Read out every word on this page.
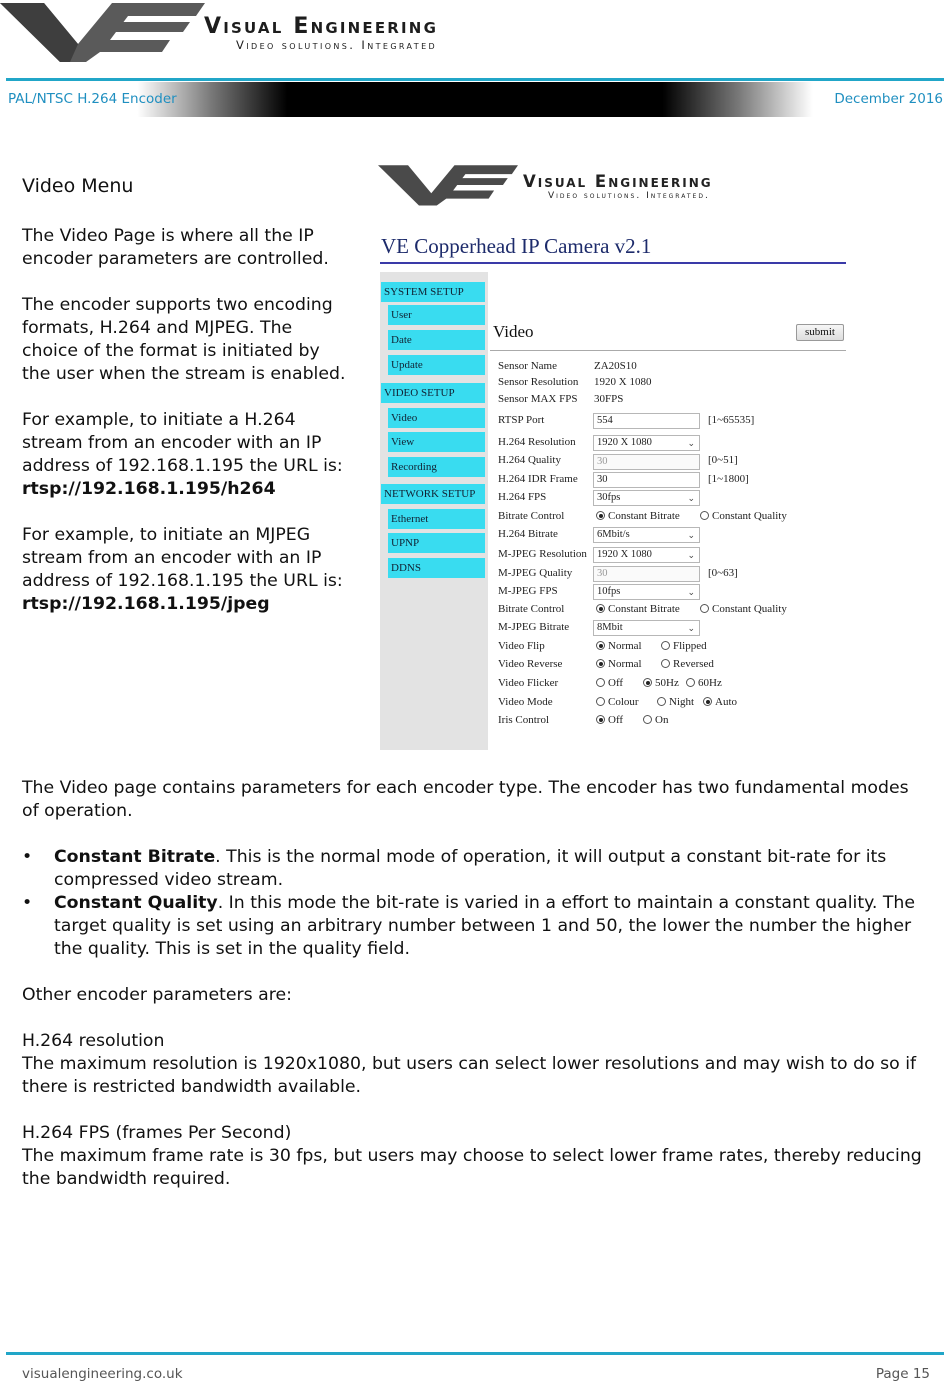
Visual Engineering
Video solutions. Integrated
PAL/NTSC H.264 Encoder	December 2016
Video Menu

The Video Page is where all the IP encoder parameters are controlled.

The encoder supports two encoding formats, H.264 and MJPEG. The choice of the format is initiated by the user when the stream is enabled.

For example, to initiate a H.264 stream from an encoder with an IP address of 192.168.1.195 the URL is:
rtsp://192.168.1.195/h264

For example, to initiate an MJPEG stream from an encoder with an IP address of 192.168.1.195 the URL is:
rtsp://192.168.1.195/jpeg

Visual Engineering
Video solutions. Integrated.
VE Copperhead IP Camera v2.1
SYSTEM SETUP
User
Date
Update
VIDEO SETUP
Video
View
Recording
NETWORK SETUP
Ethernet
UPNP
DDNS
Video	submit
Sensor Name	ZA20S10
Sensor Resolution 1920 X 1080
Sensor MAX FPS 30FPS
RTSP Port	554	[1~65535]
H.264 Resolution	1920 X 1080	⌄
H.264 Quality	30	[0~51]
H.264 IDR Frame	30	[1~1800]
H.264 FPS	30fps	⌄
Bitrate Control	Constant Bitrate	Constant Quality
H.264 Bitrate	6Mbit/s	⌄
M-JPEG Resolution 1920 X 1080	⌄
M-JPEG Quality	30	[0~63]
M-JPEG FPS	10fps	⌄
Bitrate Control	Constant Bitrate	Constant Quality
M-JPEG Bitrate	8Mbit	⌄
Video Flip	Normal	Flipped
Video Reverse	Normal	Reversed
Video Flicker	Off	50Hz	60Hz
Video Mode	Colour	Night	Auto
Iris Control	Off	On

The Video page contains parameters for each encoder type. The encoder has two fundamental modes of operation.

• Constant Bitrate. This is the normal mode of operation, it will output a constant bit-rate for its compressed video stream.
• Constant Quality. In this mode the bit-rate is varied in a effort to maintain a constant quality. The target quality is set using an arbitrary number between 1 and 50, the lower the number the higher the quality. This is set in the quality field.

Other encoder parameters are:

H.264 resolution
The maximum resolution is 1920x1080, but users can select lower resolutions and may wish to do so if there is restricted bandwidth available.

H.264 FPS (frames Per Second)
The maximum frame rate is 30 fps, but users may choose to select lower frame rates, thereby reducing the bandwidth required.

visualengineering.co.uk	Page 15
